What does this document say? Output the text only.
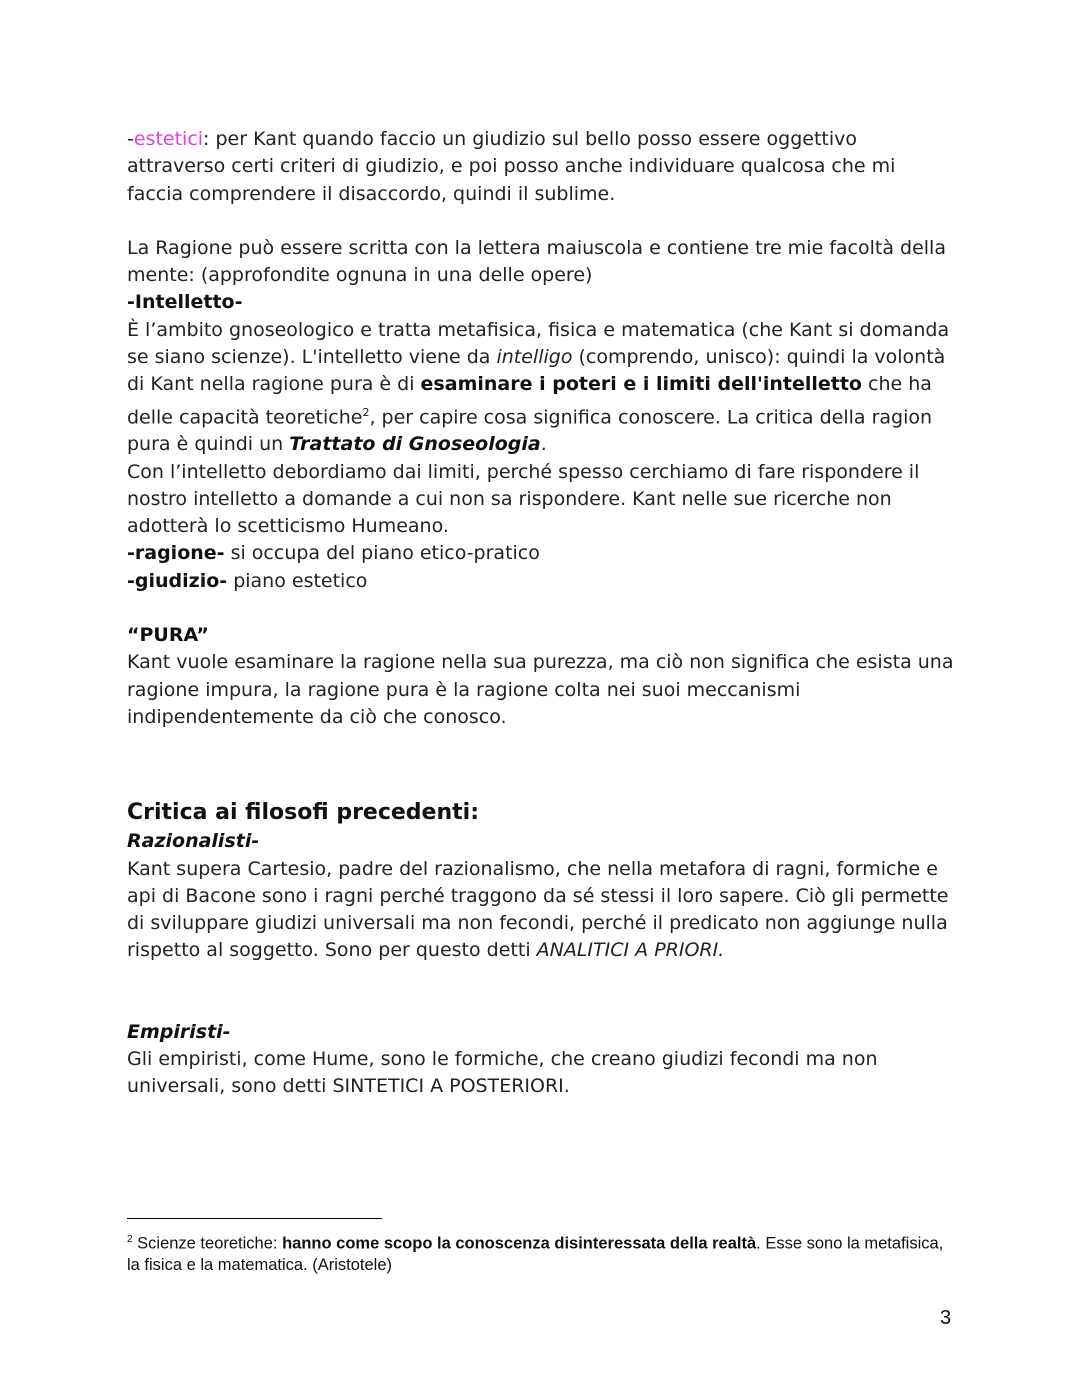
-estetici: per Kant quando faccio un giudizio sul bello posso essere oggettivo attraverso certi criteri di giudizio, e poi posso anche individuare qualcosa che mi faccia comprendere il disaccordo, quindi il sublime.

La Ragione può essere scritta con la lettera maiuscola e contiene tre mie facoltà della mente: (approfondite ognuna in una delle opere)

-Intelletto-

È l’ambito gnoseologico e tratta metafisica, fisica e matematica (che Kant si domanda se siano scienze). L'intelletto viene da intelligo (comprendo, unisco): quindi la volontà di Kant nella ragione pura è di esaminare i poteri e i limiti dell'intelletto che ha delle capacità teoretiche$^2$, per capire cosa significa conoscere. La critica della ragion pura è quindi un Trattato di Gnoseologia.

Con l’intelletto debordiamo dai limiti, perché spesso cerchiamo di fare rispondere il nostro intelletto a domande a cui non sa rispondere. Kant nelle sue ricerche non adotterà lo scetticismo Humeano.

-ragione- si occupa del piano etico-pratico

-giudizio- piano estetico

“PURA”

Kant vuole esaminare la ragione nella sua purezza, ma ciò non significa che esista una ragione impura, la ragione pura è la ragione colta nei suoi meccanismi indipendentemente da ciò che conosco.

Critica ai filosofi precedenti:

Razionalisti-

Kant supera Cartesio, padre del razionalismo, che nella metafora di ragni, formiche e api di Bacone sono i ragni perché traggono da sé stessi il loro sapere. Ciò gli permette di sviluppare giudizi universali ma non fecondi, perché il predicato non aggiunge nulla rispetto al soggetto. Sono per questo detti ANALITICI A PRIORI.

Empiristi-

Gli empiristi, come Hume, sono le formiche, che creano giudizi fecondi ma non universali, sono detti SINTETICI A POSTERIORI.

$^2$ Scienze teoretiche: hanno come scopo la conoscenza disinteressata della realtà. Esse sono la metafisica, la fisica e la matematica. (Aristotele)
3
